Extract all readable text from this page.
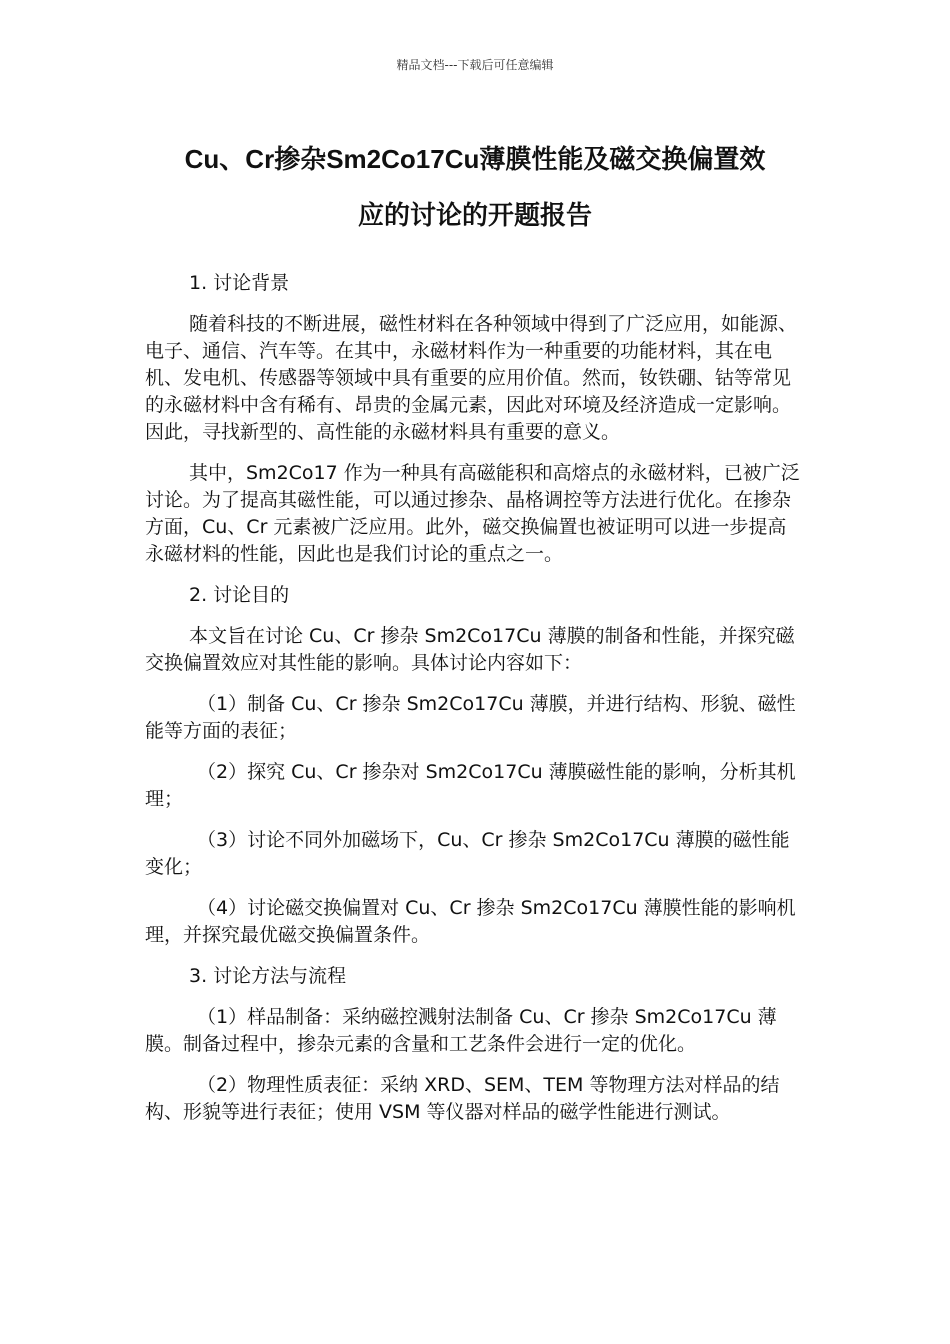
精品文档---下载后可任意编辑
Cu、Cr掺杂Sm2Co17Cu薄膜性能及磁交换偏置效
应的讨论的开题报告

1. 讨论背景

随着科技的不断进展，磁性材料在各种领域中得到了广泛应用，如能源、电子、通信、汽车等。在其中，永磁材料作为一种重要的功能材料，其在电机、发电机、传感器等领域中具有重要的应用价值。然而，钕铁硼、钴等常见的永磁材料中含有稀有、昂贵的金属元素，因此对环境及经济造成一定影响。因此，寻找新型的、高性能的永磁材料具有重要的意义。

其中，Sm2Co17 作为一种具有高磁能积和高熔点的永磁材料，已被广泛讨论。为了提高其磁性能，可以通过掺杂、晶格调控等方法进行优化。在掺杂方面，Cu、Cr 元素被广泛应用。此外，磁交换偏置也被证明可以进一步提高永磁材料的性能，因此也是我们讨论的重点之一。

2. 讨论目的

本文旨在讨论 Cu、Cr 掺杂 Sm2Co17Cu 薄膜的制备和性能，并探究磁交换偏置效应对其性能的影响。具体讨论内容如下：

（1）制备 Cu、Cr 掺杂 Sm2Co17Cu 薄膜，并进行结构、形貌、磁性能等方面的表征；

（2）探究 Cu、Cr 掺杂对 Sm2Co17Cu 薄膜磁性能的影响，分析其机理；

（3）讨论不同外加磁场下，Cu、Cr 掺杂 Sm2Co17Cu 薄膜的磁性能变化；

（4）讨论磁交换偏置对 Cu、Cr 掺杂 Sm2Co17Cu 薄膜性能的影响机理，并探究最优磁交换偏置条件。

3. 讨论方法与流程

（1）样品制备：采纳磁控溅射法制备 Cu、Cr 掺杂 Sm2Co17Cu 薄膜。制备过程中，掺杂元素的含量和工艺条件会进行一定的优化。

（2）物理性质表征：采纳 XRD、SEM、TEM 等物理方法对样品的结构、形貌等进行表征；使用 VSM 等仪器对样品的磁学性能进行测试。
